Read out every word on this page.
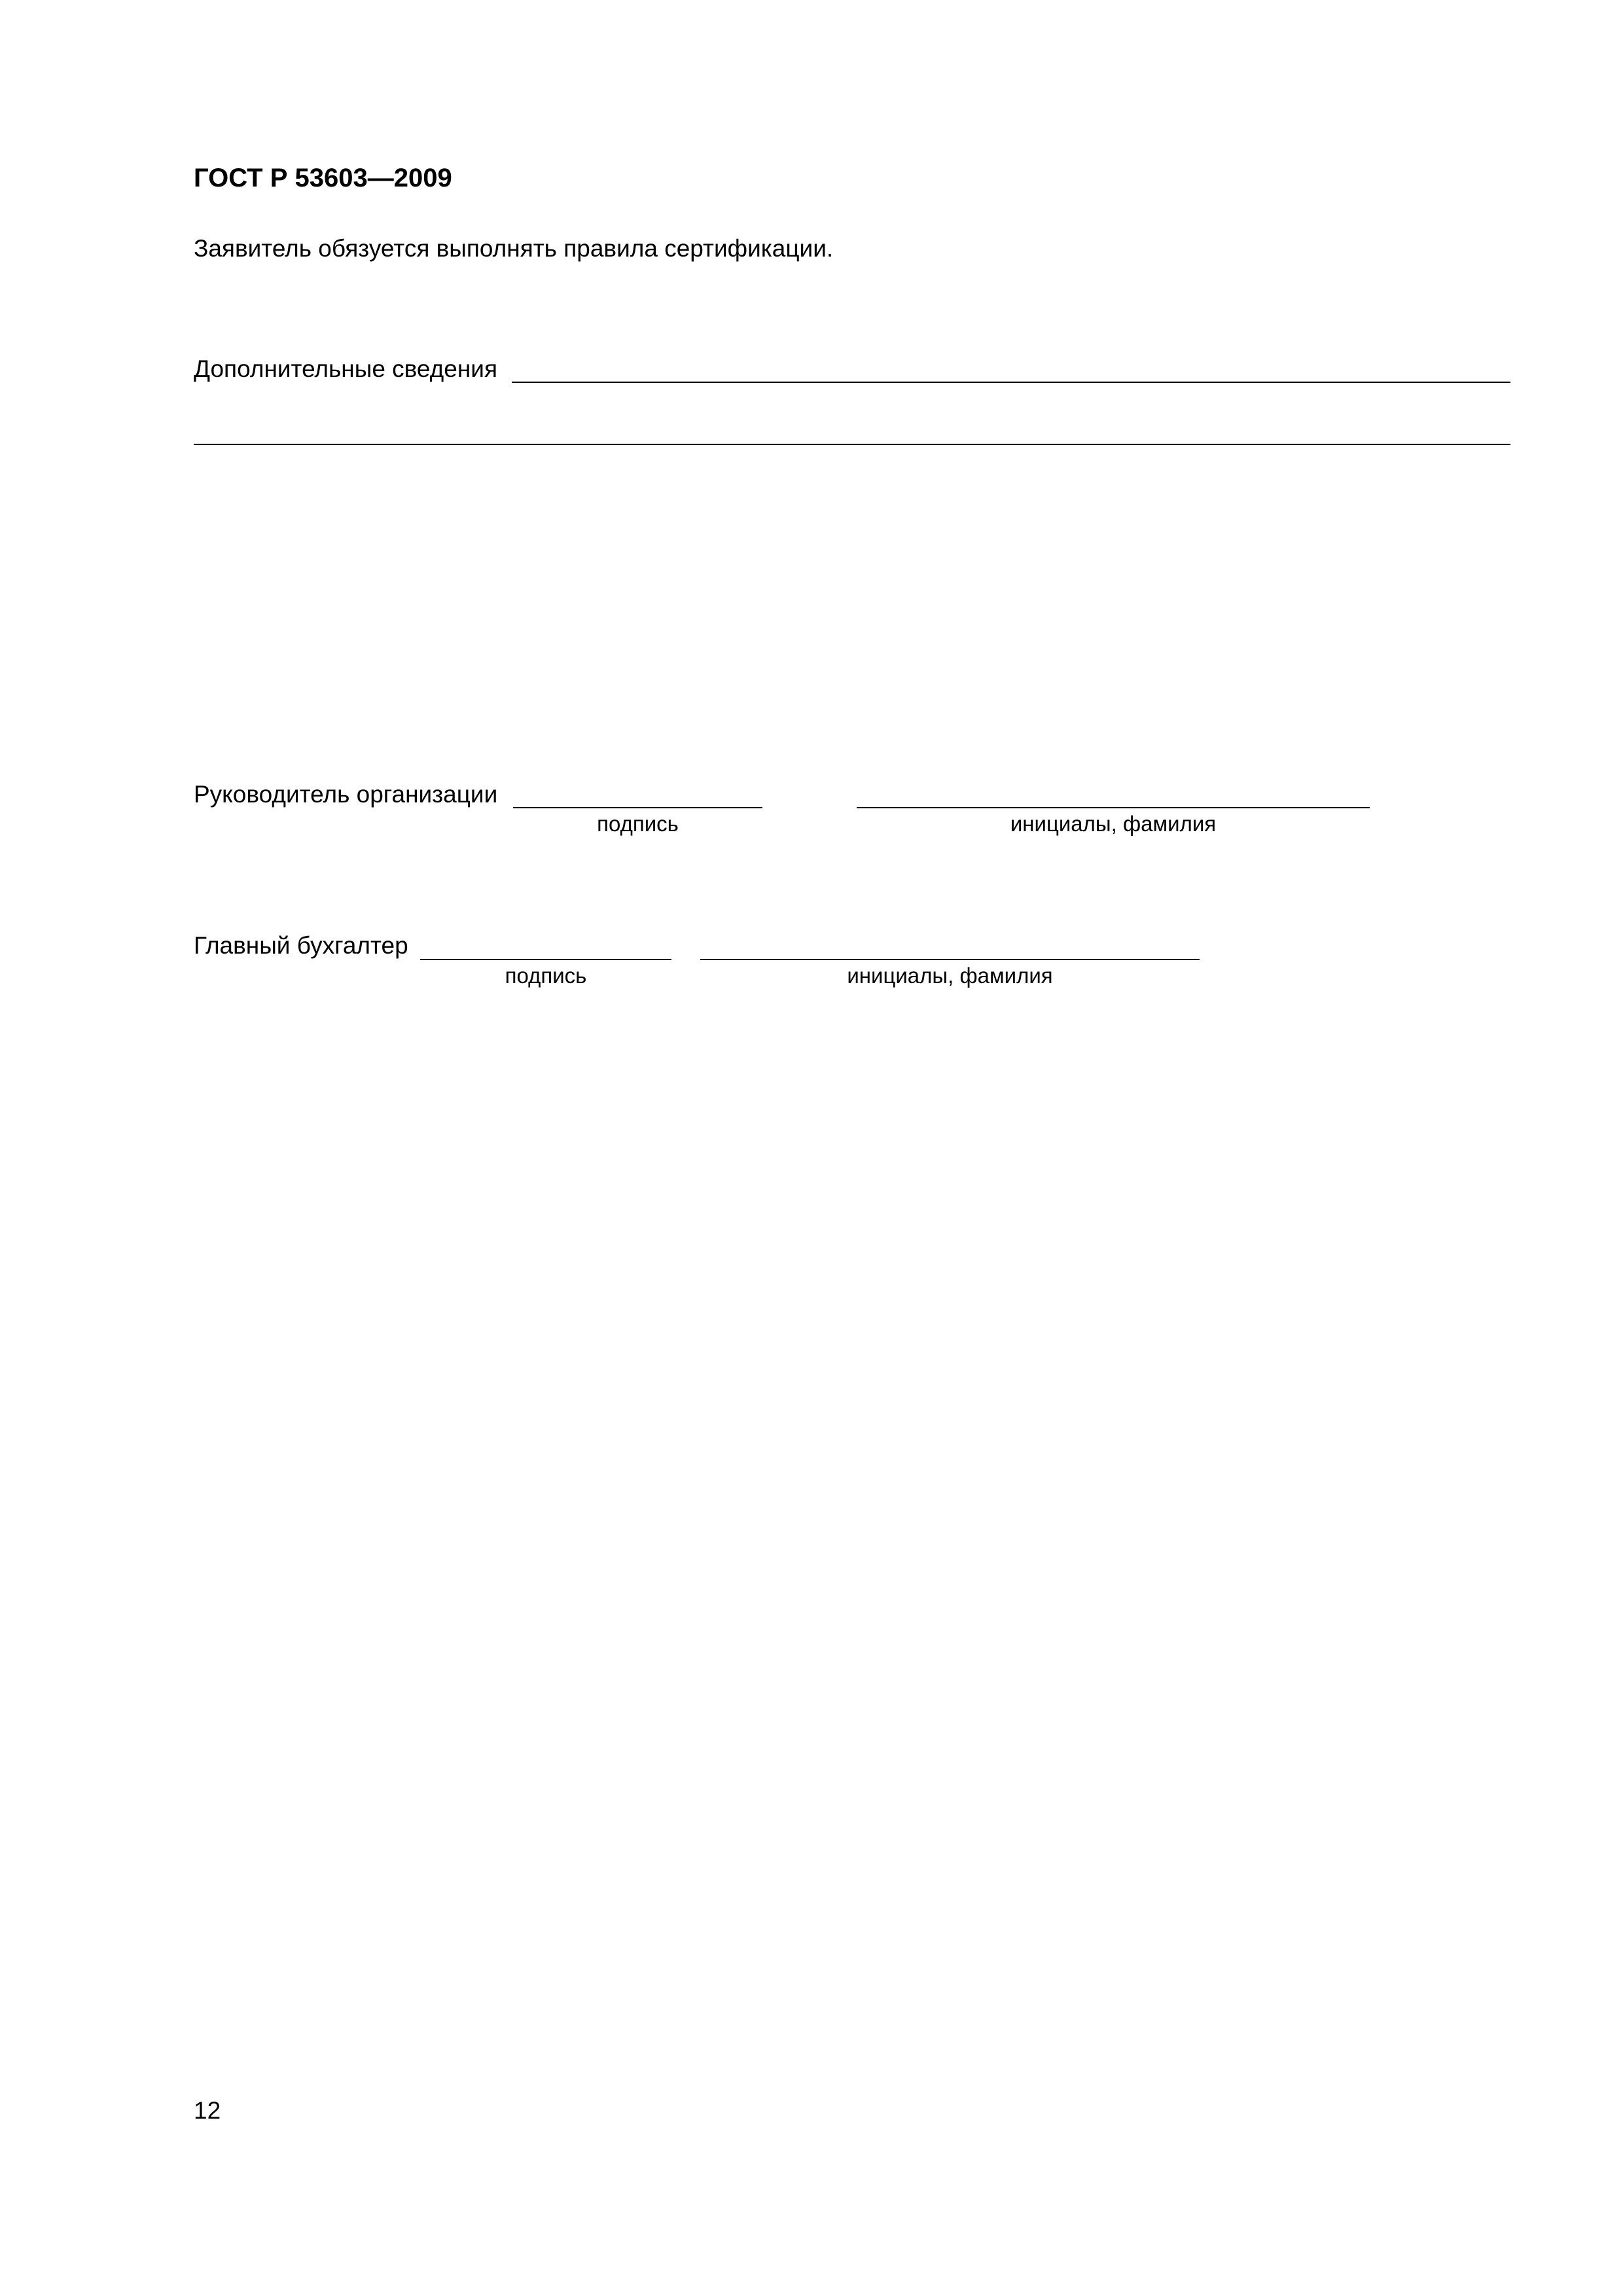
ГОСТ Р 53603—2009
Заявитель обязуется выполнять правила сертификации.
Дополнительные сведения
Руководитель организации
подпись	инициалы, фамилия
Главный бухгалтер
подпись	инициалы, фамилия
12
